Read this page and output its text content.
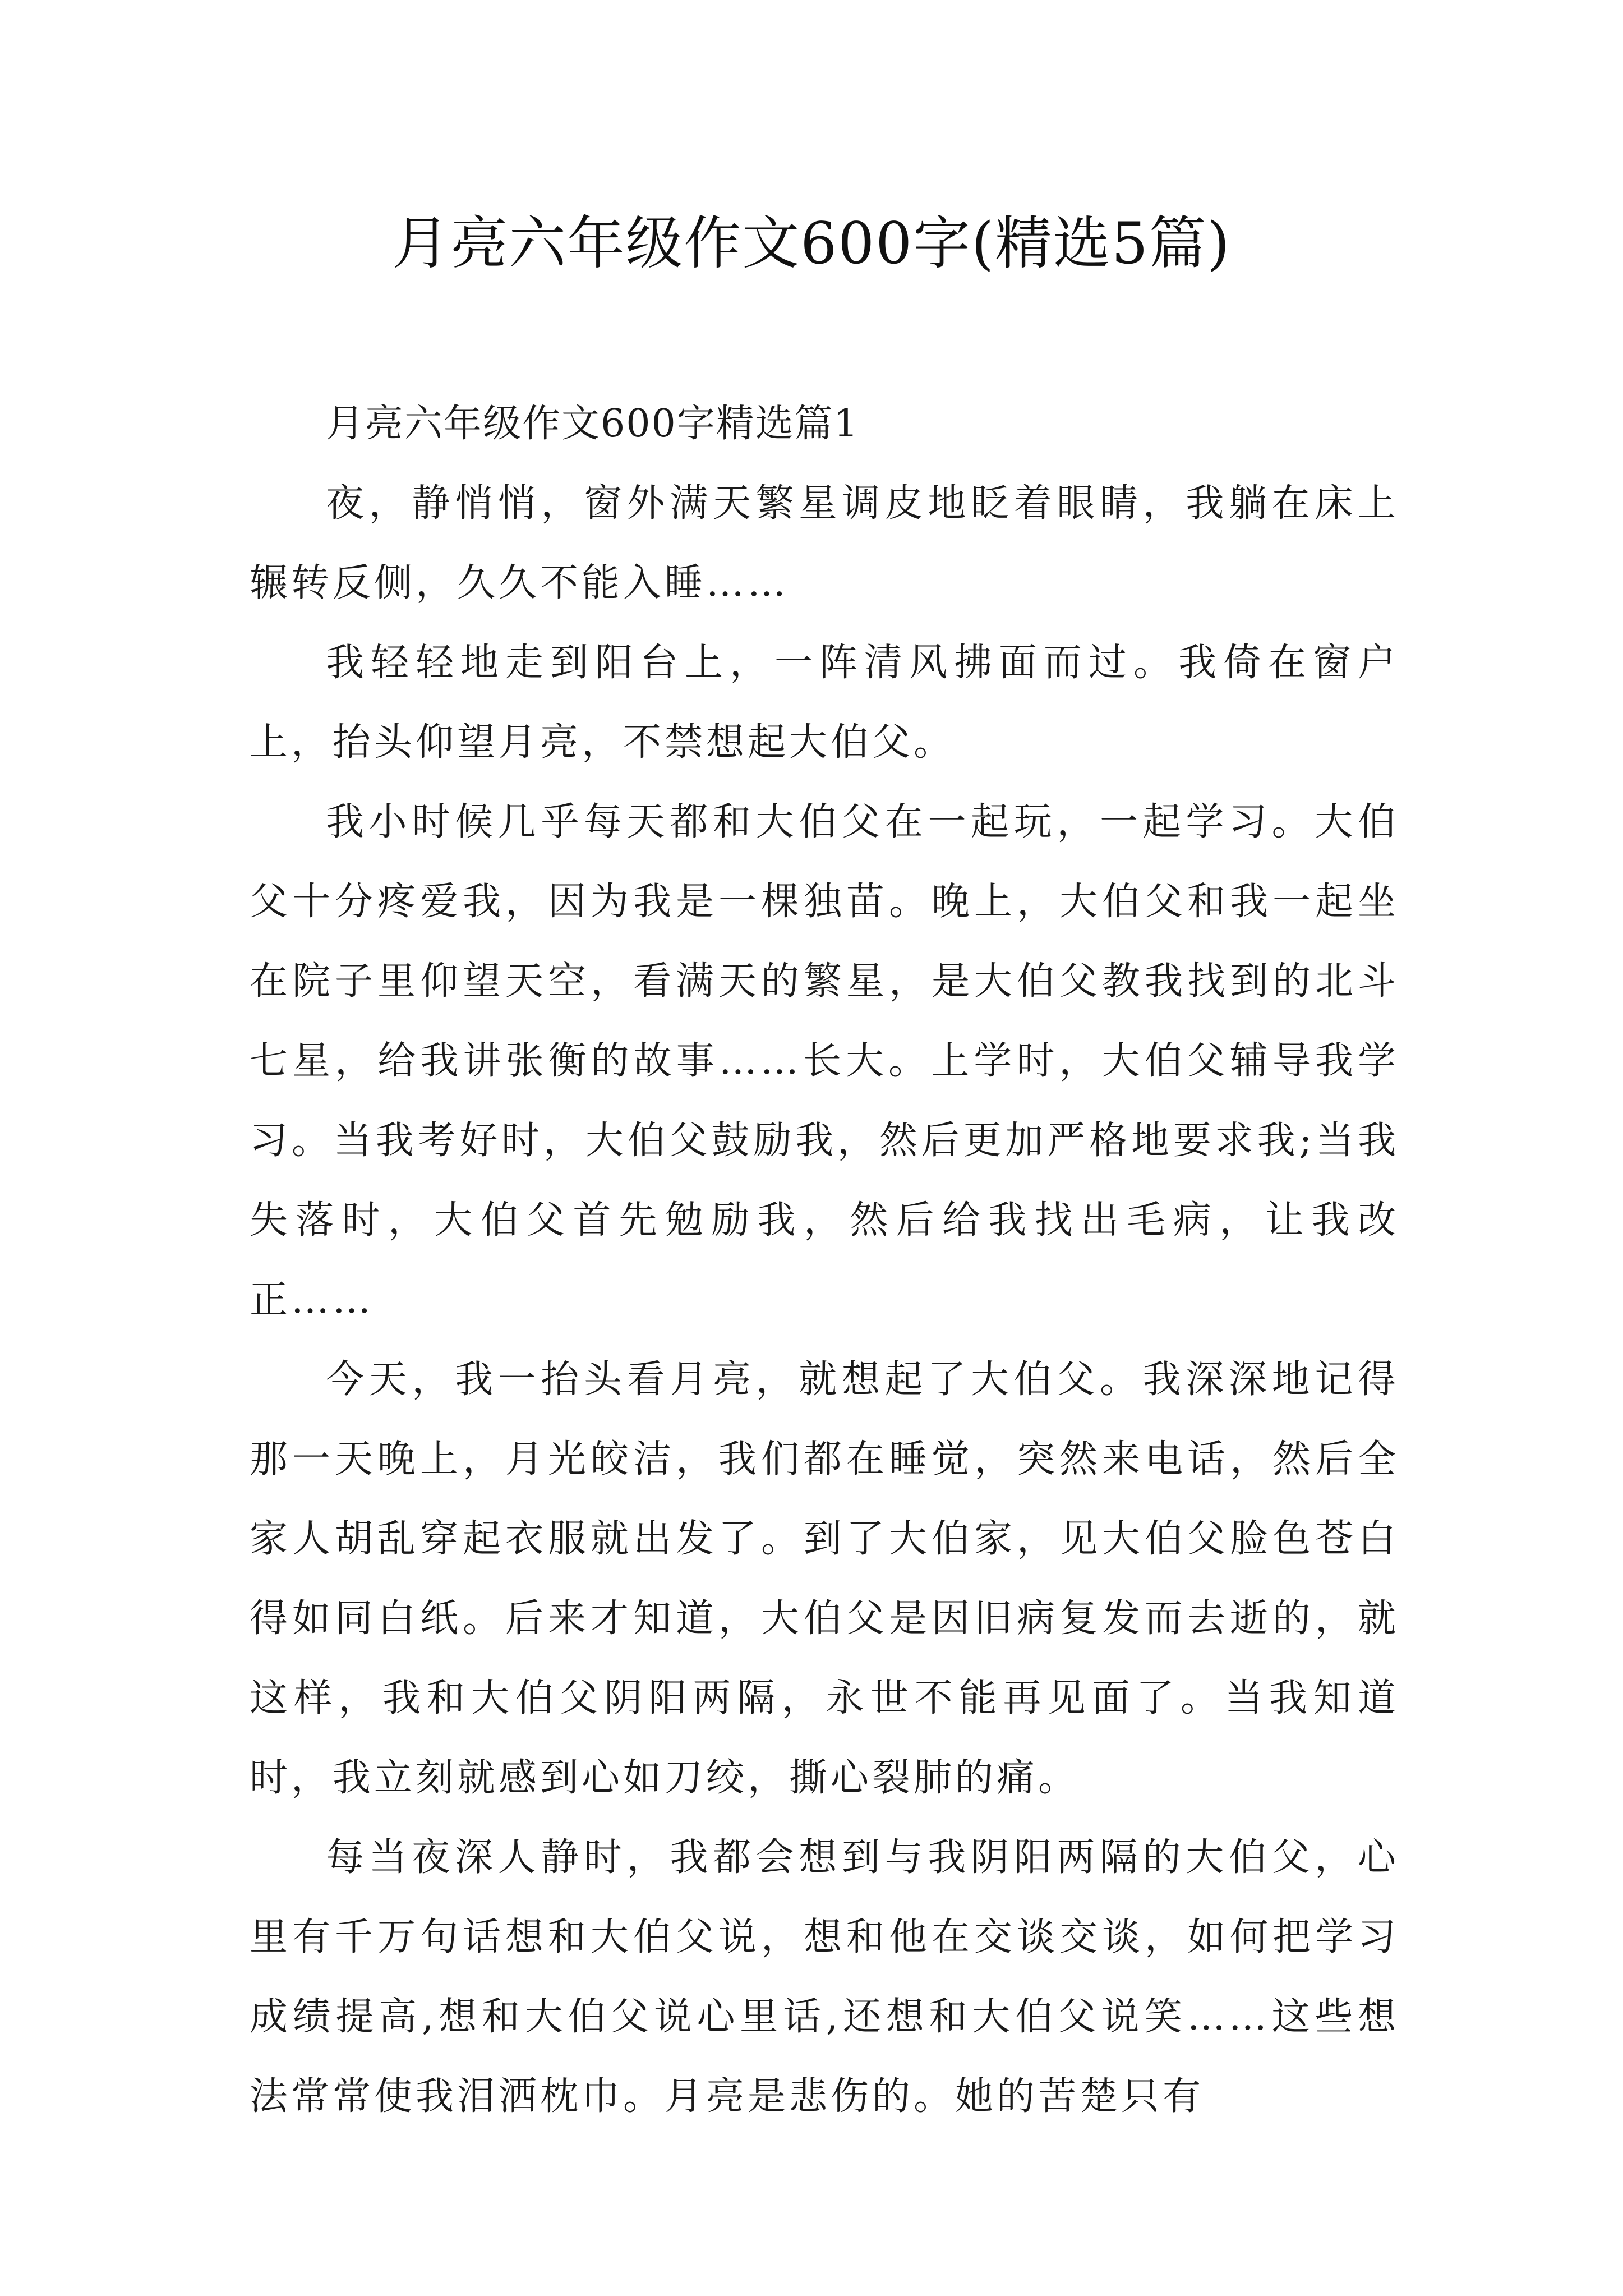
月亮六年级作文600字(精选5篇)

月亮六年级作文600字精选篇1

夜，静悄悄，窗外满天繁星调皮地眨着眼睛，我躺在床上辗转反侧，久久不能入睡……

我轻轻地走到阳台上，一阵清风拂面而过。我倚在窗户上，抬头仰望月亮，不禁想起大伯父。

我小时候几乎每天都和大伯父在一起玩，一起学习。大伯父十分疼爱我，因为我是一棵独苗。晚上，大伯父和我一起坐在院子里仰望天空，看满天的繁星，是大伯父教我找到的北斗七星，给我讲张衡的故事……长大。上学时，大伯父辅导我学习。当我考好时，大伯父鼓励我，然后更加严格地要求我;当我失落时，大伯父首先勉励我，然后给我找出毛病，让我改正……

今天，我一抬头看月亮，就想起了大伯父。我深深地记得那一天晚上，月光皎洁，我们都在睡觉，突然来电话，然后全家人胡乱穿起衣服就出发了。到了大伯家，见大伯父脸色苍白得如同白纸。后来才知道，大伯父是因旧病复发而去逝的，就这样，我和大伯父阴阳两隔，永世不能再见面了。当我知道时，我立刻就感到心如刀绞，撕心裂肺的痛。

每当夜深人静时，我都会想到与我阴阳两隔的大伯父，心里有千万句话想和大伯父说，想和他在交谈交谈，如何把学习成绩提高,想和大伯父说心里话,还想和大伯父说笑……这些想法常常使我泪洒枕巾。月亮是悲伤的。她的苦楚只有
